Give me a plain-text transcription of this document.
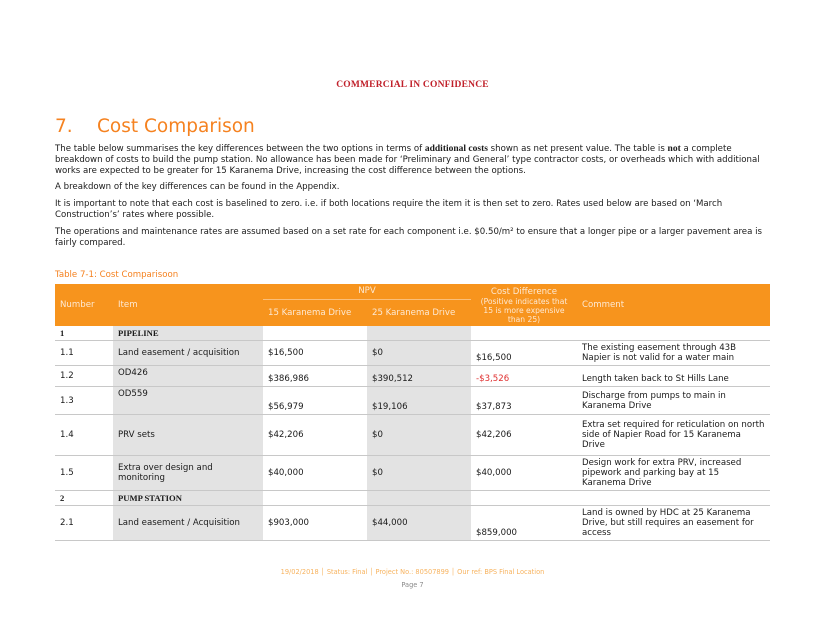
COMMERCIAL IN CONFIDENCE
7. Cost Comparison
The table below summarises the key differences between the two options in terms of additional costs shown as net present value. The table is not a complete breakdown of costs to build the pump station. No allowance has been made for ‘Preliminary and General’ type contractor costs, or overheads which with additional works are expected to be greater for 15 Karanema Drive, increasing the cost difference between the options.
A breakdown of the key differences can be found in the Appendix.
It is important to note that each cost is baselined to zero. i.e. if both locations require the item it is then set to zero. Rates used below are based on ‘March Construction’s’ rates where possible.
The operations and maintenance rates are assumed based on a set rate for each component i.e. $0.50/m² to ensure that a longer pipe or a larger pavement area is fairly compared.
Table 7-1: Cost Comparisoon
Number	Item	NPV		Cost Difference
(Positive indicates that 15 is more expensive than 25)	Comment
		15 Karanema Drive	25 Karanema Drive		
1	PIPELINE				
1.1	Land easement / acquisition	$16,500	$0	$16,500	The existing easement through 43B Napier is not valid for a water main
1.2	OD426	$386,986	$390,512	-$3,526	Length taken back to St Hills Lane
1.3	OD559	$56,979	$19,106	$37,873	Discharge from pumps to main in Karanema Drive
1.4	PRV sets	$42,206	$0	$42,206	Extra set required for reticulation on north side of Napier Road for 15 Karanema Drive
1.5	Extra over design and monitoring	$40,000	$0	$40,000	Design work for extra PRV, increased pipework and parking bay at 15 Karanema Drive
2	PUMP STATION				
2.1	Land easement / Acquisition	$903,000	$44,000	$859,000	Land is owned by HDC at 25 Karanema Drive, but still requires an easement for access
19/02/2018 │ Status: Final │ Project No.: 80507899 │ Our ref: BPS Final Location
Page 7
